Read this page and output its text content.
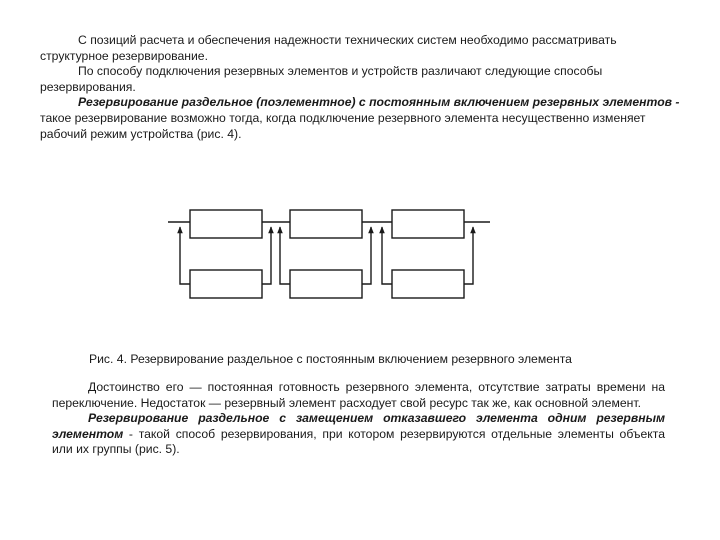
С позиций расчета и обеспечения надежности технических систем необходимо рассматривать структурное резервирование.

По способу подключения резервных элементов и устройств различают следующие способы резервирования.

Резервирование раздельное (поэлементное) с постоянным включением резервных элементов - такое резервирование возможно тогда, когда подключение резервного элемента несущественно изменяет рабочий режим устройства (рис. 4).

Рис. 4. Резервирование раздельное с постоянным включением резервного элемента

Достоинство его — постоянная готовность резервного элемента, отсутствие затраты времени на переключение. Недостаток — резервный элемент расходует свой ресурс так же, как основной элемент.

Резервирование раздельное с замещением отказавшего элемента одним резервным элементом - такой способ резервирования, при котором резервируются отдельные элементы объекта или их группы (рис. 5).
